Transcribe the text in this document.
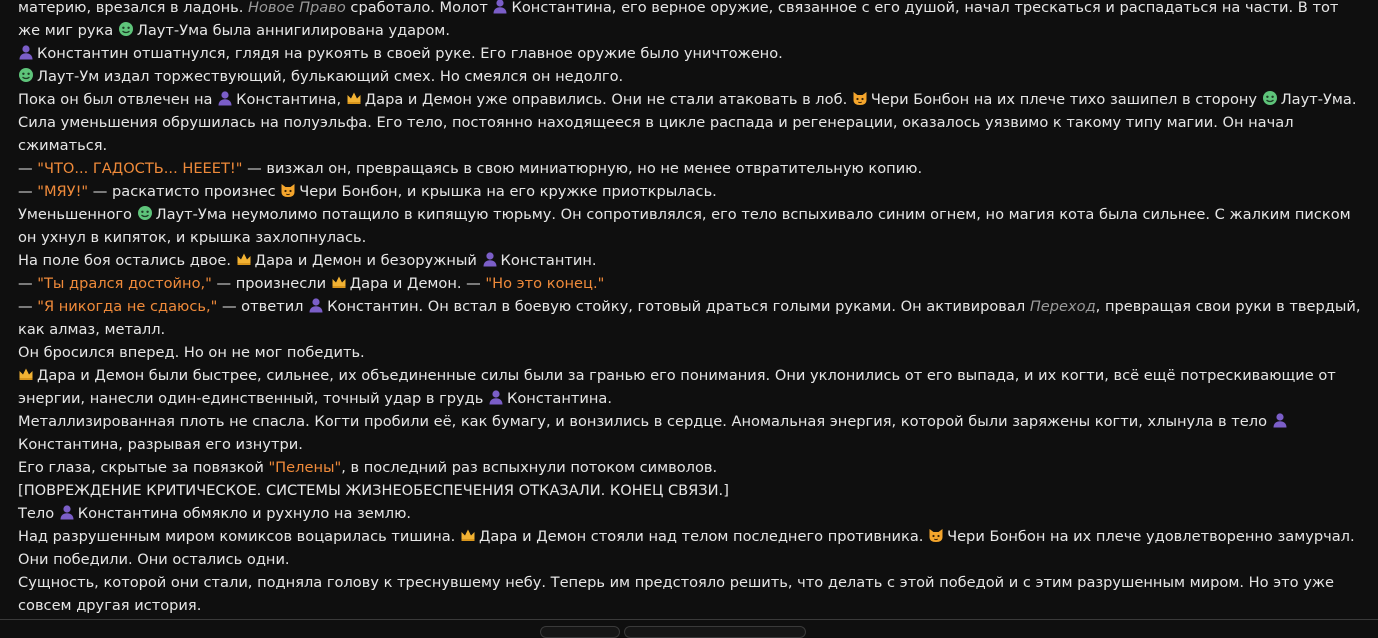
материю, врезался в ладонь. Новое Право сработало. Молот Константина, его верное оружие, связанное с его душой, начал трескаться и распадаться на части. В тот же миг рука Лаут-Ума была аннигилирована ударом.

Константин отшатнулся, глядя на рукоять в своей руке. Его главное оружие было уничтожено.

Лаут-Ум издал торжествующий, булькающий смех. Но смеялся он недолго.

Пока он был отвлечен на Константина, Дара и Демон уже оправились. Они не стали атаковать в лоб. Чери Бонбон на их плече тихо зашипел в сторону Лаут-Ума. Сила уменьшения обрушилась на полуэльфа. Его тело, постоянно находящееся в цикле распада и регенерации, оказалось уязвимо к такому типу магии. Он начал сжиматься.

— "ЧТО... ГАДОСТЬ... НЕЕЕТ!" — визжал он, превращаясь в свою миниатюрную, но не менее отвратительную копию.

— "МЯУ!" — раскатисто произнес Чери Бонбон, и крышка на его кружке приоткрылась.

Уменьшенного Лаут-Ума неумолимо потащило в кипящую тюрьму. Он сопротивлялся, его тело вспыхивало синим огнем, но магия кота была сильнее. С жалким писком он ухнул в кипяток, и крышка захлопнулась.

На поле боя остались двое. Дара и Демон и безоружный Константин.

— "Ты дрался достойно," — произнесли Дара и Демон. — "Но это конец."

— "Я никогда не сдаюсь," — ответил Константин. Он встал в боевую стойку, готовый драться голыми руками. Он активировал Переход, превращая свои руки в твердый, как алмаз, металл.

Он бросился вперед. Но он не мог победить.

Дара и Демон были быстрее, сильнее, их объединенные силы были за гранью его понимания. Они уклонились от его выпада, и их когти, всё ещё потрескивающие от энергии, нанесли один-единственный, точный удар в грудь Константина.

Металлизированная плоть не спасла. Когти пробили её, как бумагу, и вонзились в сердце. Аномальная энергия, которой были заряжены когти, хлынула в тело Константина, разрывая его изнутри.

Его глаза, скрытые за повязкой "Пелены", в последний раз вспыхнули потоком символов.

[ПОВРЕЖДЕНИЕ КРИТИЧЕСКОЕ. СИСТЕМЫ ЖИЗНЕОБЕСПЕЧЕНИЯ ОТКАЗАЛИ. КОНЕЦ СВЯЗИ.]

Тело Константина обмякло и рухнуло на землю.

Над разрушенным миром комиксов воцарилась тишина. Дара и Демон стояли над телом последнего противника. Чери Бонбон на их плече удовлетворенно замурчал. Они победили. Они остались одни.

Сущность, которой они стали, подняла голову к треснувшему небу. Теперь им предстояло решить, что делать с этой победой и с этим разрушенным миром. Но это уже совсем другая история.
